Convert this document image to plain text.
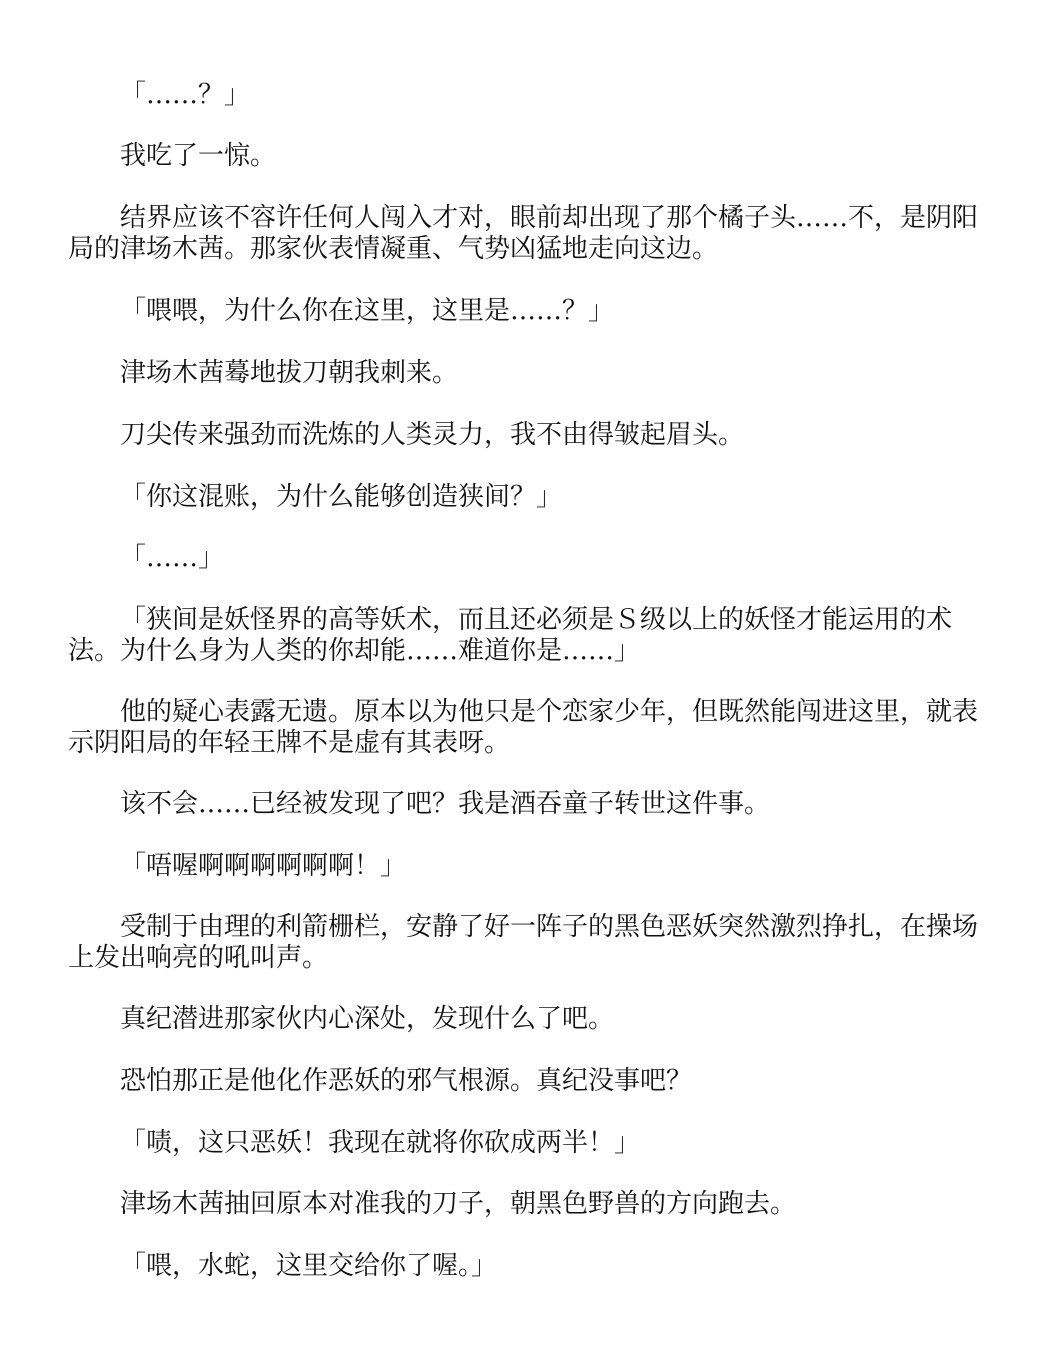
「……？」

我吃了一惊。

结界应该不容许任何人闯入才对，眼前却出现了那个橘子头……不，是阴阳局的津场木茜。那家伙表情凝重、气势凶猛地走向这边。

「喂喂，为什么你在这里，这里是……？」

津场木茜蓦地拔刀朝我刺来。

刀尖传来强劲而洗炼的人类灵力，我不由得皱起眉头。

「你这混账，为什么能够创造狭间？」

「……」

「狭间是妖怪界的高等妖术，而且还必须是Ｓ级以上的妖怪才能运用的术法。为什么身为人类的你却能……难道你是……」

他的疑心表露无遗。原本以为他只是个恋家少年，但既然能闯进这里，就表示阴阳局的年轻王牌不是虚有其表呀。

该不会……已经被发现了吧？我是酒吞童子转世这件事。

「唔喔啊啊啊啊啊啊！」

受制于由理的利箭栅栏，安静了好一阵子的黑色恶妖突然激烈挣扎，在操场上发出响亮的吼叫声。

真纪潜进那家伙内心深处，发现什么了吧。

恐怕那正是他化作恶妖的邪气根源。真纪没事吧？

「啧，这只恶妖！我现在就将你砍成两半！」

津场木茜抽回原本对准我的刀子，朝黑色野兽的方向跑去。

「喂，水蛇，这里交给你了喔。」
